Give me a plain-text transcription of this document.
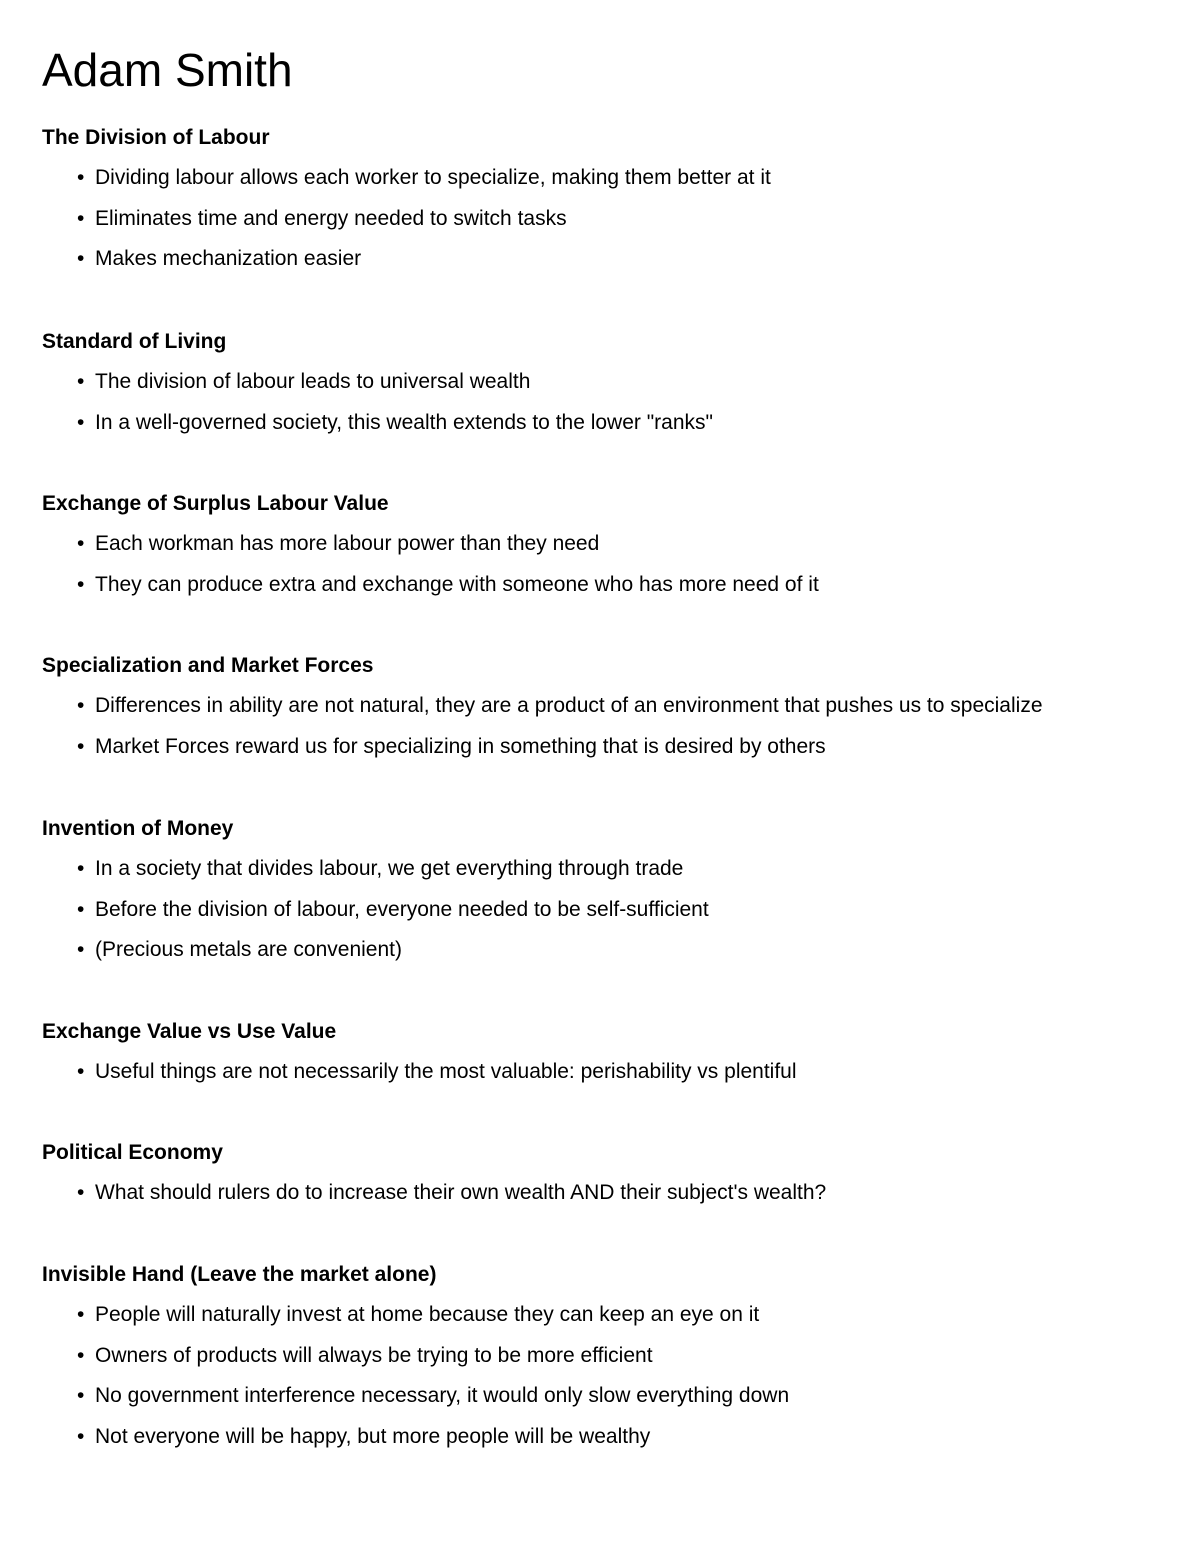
Adam Smith
The Division of Labour
• Dividing labour allows each worker to specialize, making them better at it
• Eliminates time and energy needed to switch tasks
• Makes mechanization easier
Standard of Living
• The division of labour leads to universal wealth
• In a well-governed society, this wealth extends to the lower "ranks"
Exchange of Surplus Labour Value
• Each workman has more labour power than they need
• They can produce extra and exchange with someone who has more need of it
Specialization and Market Forces
• Differences in ability are not natural, they are a product of an environment that pushes us to specialize
• Market Forces reward us for specializing in something that is desired by others
Invention of Money
• In a society that divides labour, we get everything through trade
• Before the division of labour, everyone needed to be self-sufficient
• (Precious metals are convenient)
Exchange Value vs Use Value
• Useful things are not necessarily the most valuable: perishability vs plentiful
Political Economy
• What should rulers do to increase their own wealth AND their subject's wealth?
Invisible Hand (Leave the market alone)
• People will naturally invest at home because they can keep an eye on it
• Owners of products will always be trying to be more efficient
• No government interference necessary, it would only slow everything down
• Not everyone will be happy, but more people will be wealthy
